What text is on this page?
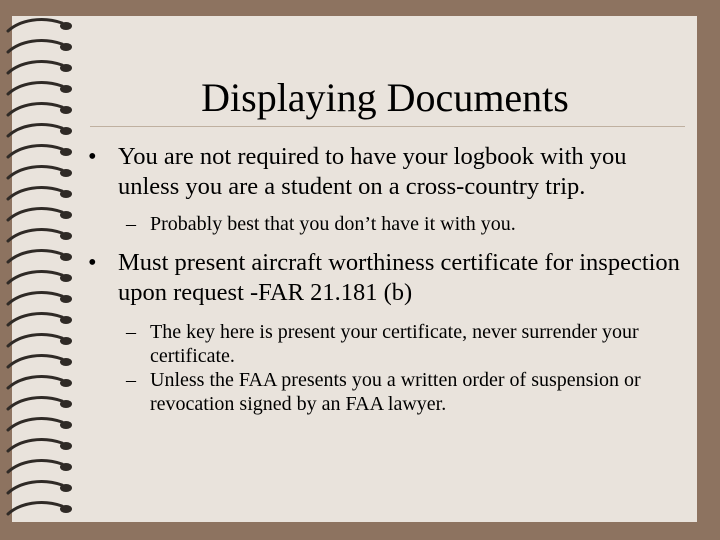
Displaying Documents
• You are not required to have your logbook with you unless you are a student on a cross-country trip.
– Probably best that you don’t have it with you.
• Must present aircraft worthiness certificate for inspection upon request -FAR 21.181 (b)
– The key here is present your certificate, never surrender your certificate.
– Unless the FAA presents you a written order of suspension or revocation signed by an FAA lawyer.
